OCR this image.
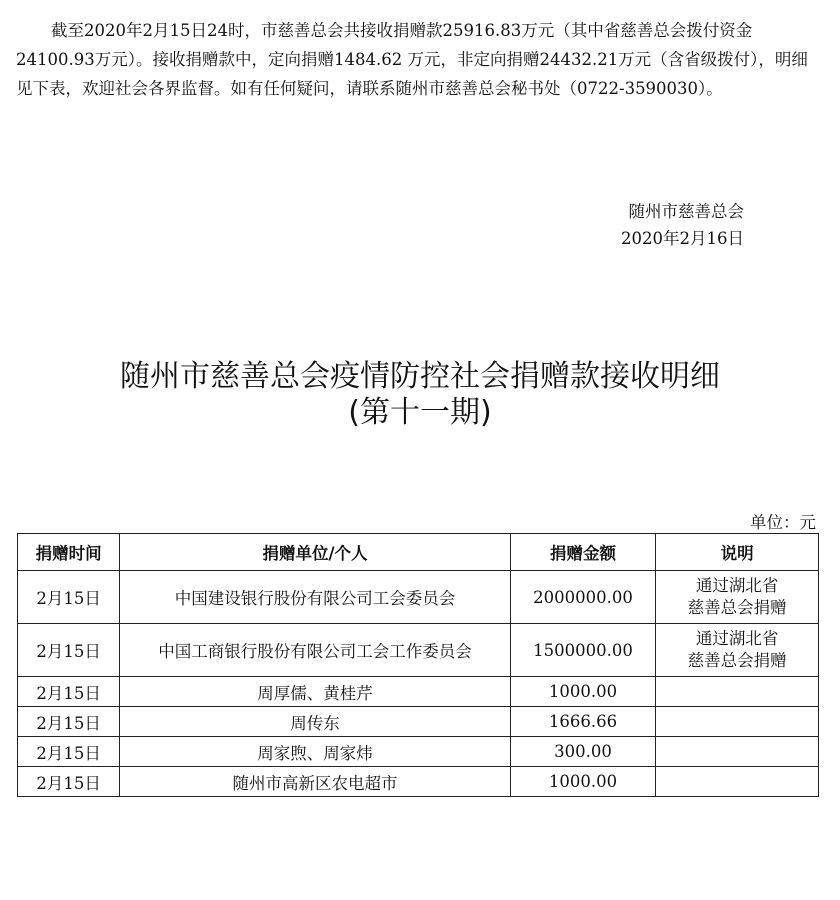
截至2020年2月15日24时，市慈善总会共接收捐赠款25916.83万元（其中省慈善总会拨付资金24100.93万元）。接收捐赠款中，定向捐赠1484.62 万元，非定向捐赠24432.21万元（含省级拨付），明细见下表，欢迎社会各界监督。如有任何疑问，请联系随州市慈善总会秘书处（0722-3590030）。

随州市慈善总会
2020年2月16日
随州市慈善总会疫情防控社会捐赠款接收明细
(第十一期)
单位：元
捐赠时间	捐赠单位/个人	捐赠金额	说明
2月15日	中国建设银行股份有限公司工会委员会	2000000.00	通过湖北省
慈善总会捐赠

2月15日	中国工商银行股份有限公司工会工作委员会	1500000.00	通过湖北省
慈善总会捐赠

2月15日	周厚儒、黄桂芹	1000.00	
2月15日	周传东	1666.66	
2月15日	周家煦、周家炜	300.00	
2月15日	随州市高新区农电超市	1000.00	
